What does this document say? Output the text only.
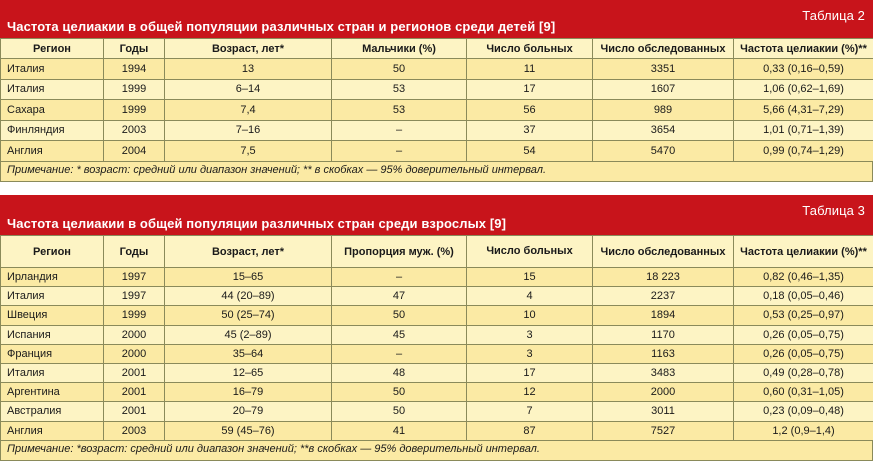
Частота целиакии в общей популяции различных стран и регионов среди детей [9]
Таблица 2
Регион	Годы	Возраст, лет*	Мальчики (%)	Число больных	Число обследованных	Частота целиакии (%)**
Италия	1994	13	50	11	3351	0,33 (0,16–0,59)
Италия	1999	6–14	53	17	1607	1,06 (0,62–1,69)
Сахара	1999	7,4	53	56	989	5,66 (4,31–7,29)
Финляндия	2003	7–16	–	37	3654	1,01 (0,71–1,39)
Англия	2004	7,5	–	54	5470	0,99 (0,74–1,29)
Примечание: * возраст: средний или диапазон значений; ** в скобках — 95% доверительный интервал.
Частота целиакии в общей популяции различных стран среди взрослых [9]
Таблица 3
Регион	Годы	Возраст, лет*	Пропорция муж. (%)	Число больных	Число обследованных	Частота целиакии (%)**
Ирландия	1997	15–65	–	15	18 223	0,82 (0,46–1,35)
Италия	1997	44 (20–89)	47	4	2237	0,18 (0,05–0,46)
Швеция	1999	50 (25–74)	50	10	1894	0,53 (0,25–0,97)
Испания	2000	45 (2–89)	45	3	1170	0,26 (0,05–0,75)
Франция	2000	35–64	–	3	1163	0,26 (0,05–0,75)
Италия	2001	12–65	48	17	3483	0,49 (0,28–0,78)
Аргентина	2001	16–79	50	12	2000	0,60 (0,31–1,05)
Австралия	2001	20–79	50	7	3011	0,23 (0,09–0,48)
Англия	2003	59 (45–76)	41	87	7527	1,2 (0,9–1,4)
Примечание: *возраст: средний или диапазон значений; **в скобках — 95% доверительный интервал.
